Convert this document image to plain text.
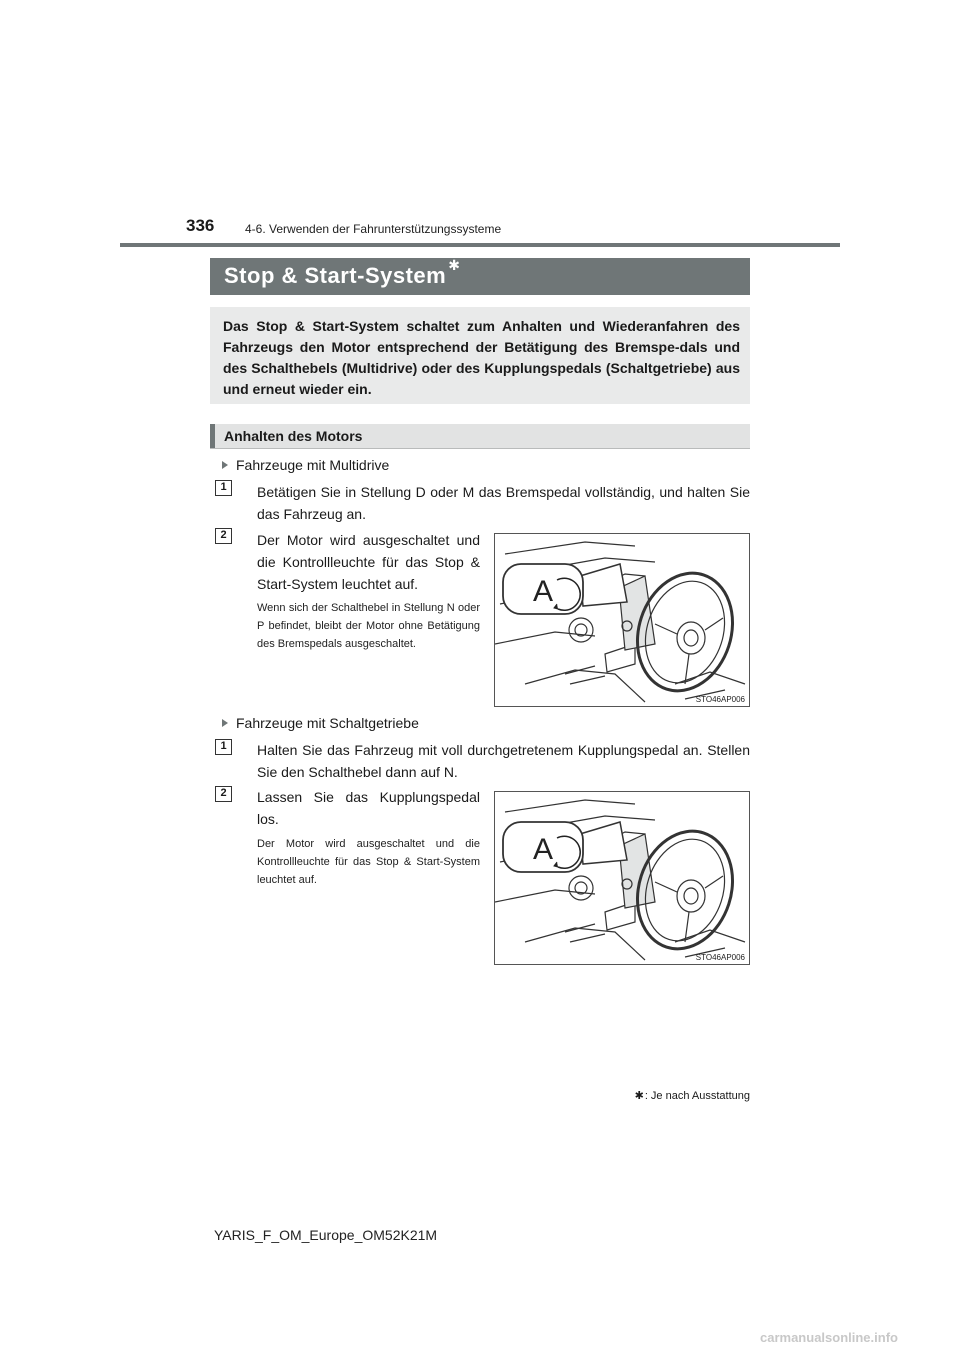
336	4-6. Verwenden der Fahrunterstützungssysteme
Stop & Start-System ✱
Das Stop & Start-System schaltet zum Anhalten und Wiederanfahren des Fahrzeugs den Motor entsprechend der Betätigung des Bremspe-dals und des Schalthebels (Multidrive) oder des Kupplungspedals (Schaltgetriebe) aus und erneut wieder ein.
Anhalten des Motors
Fahrzeuge mit Multidrive
1	Betätigen Sie in Stellung D oder M das Bremspedal vollständig, und halten Sie das Fahrzeug an.
2	Der Motor wird ausgeschaltet und die Kontrollleuchte für das Stop & Start-System leuchtet auf.
Wenn sich der Schalthebel in Stellung N oder P befindet, bleibt der Motor ohne Betätigung des Bremspedals ausgeschaltet.
A
STO46AP006
Fahrzeuge mit Schaltgetriebe
1	Halten Sie das Fahrzeug mit voll durchgetretenem Kupplungspedal an. Stellen Sie den Schalthebel dann auf N.
2	Lassen Sie das Kupplungspedal los.
Der Motor wird ausgeschaltet und die Kontrollleuchte für das Stop & Start-System leuchtet auf.
A
STO46AP006
✱: Je nach Ausstattung
YARIS_F_OM_Europe_OM52K21M
carmanualsonline.info
